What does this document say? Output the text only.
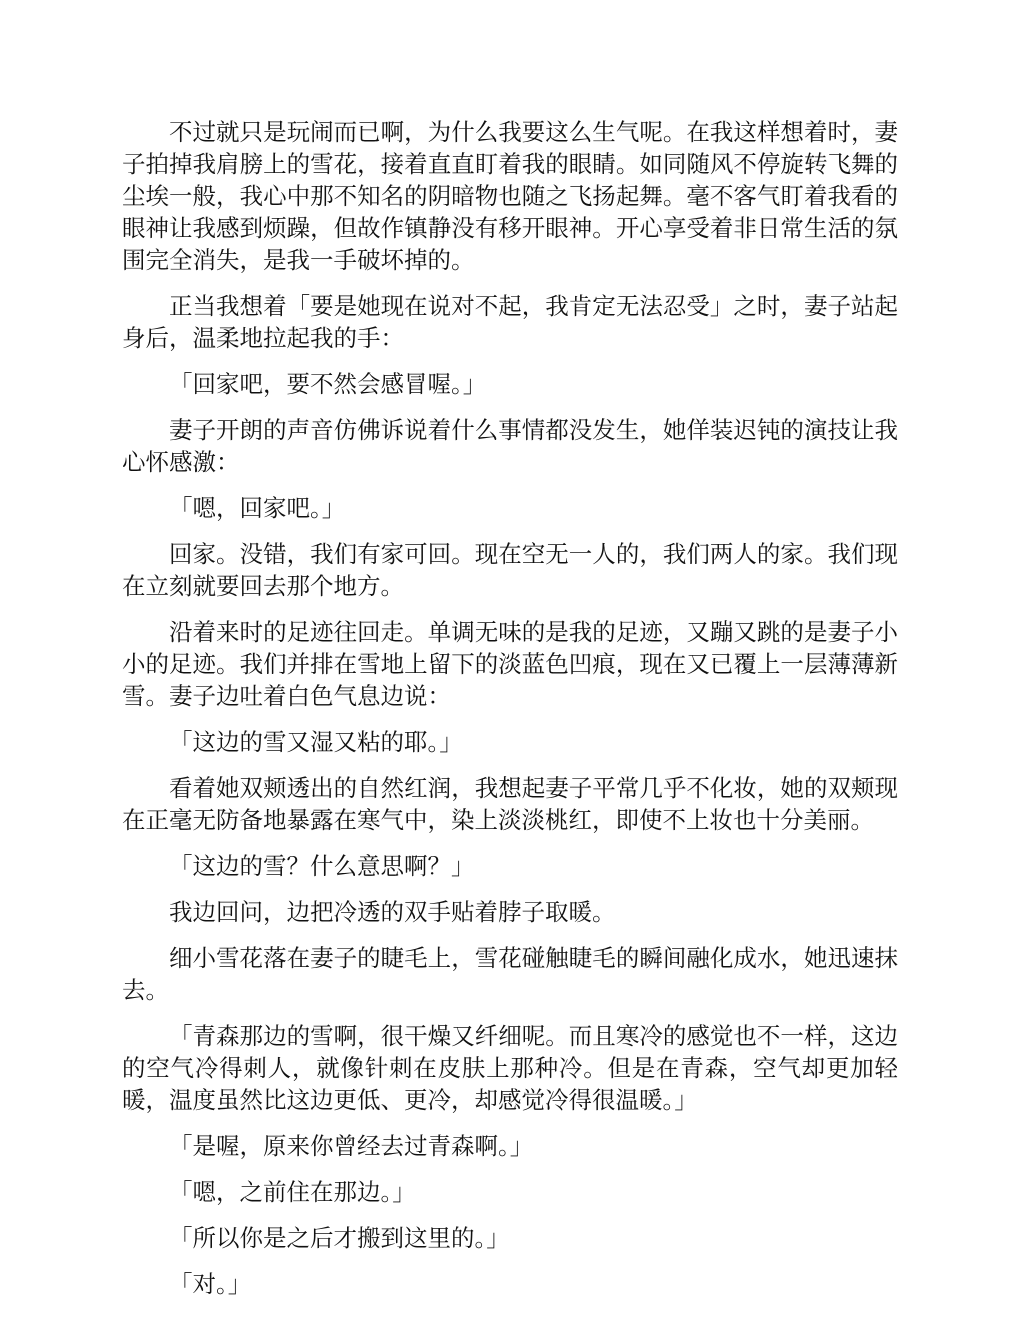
不过就只是玩闹而已啊，为什么我要这么生气呢。在我这样想着时，妻子拍掉我肩膀上的雪花，接着直直盯着我的眼睛。如同随风不停旋转飞舞的尘埃一般，我心中那不知名的阴暗物也随之飞扬起舞。毫不客气盯着我看的眼神让我感到烦躁，但故作镇静没有移开眼神。开心享受着非日常生活的氛围完全消失，是我一手破坏掉的。

正当我想着「要是她现在说对不起，我肯定无法忍受」之时，妻子站起身后，温柔地拉起我的手：

「回家吧，要不然会感冒喔。」

妻子开朗的声音仿佛诉说着什么事情都没发生，她佯装迟钝的演技让我心怀感激：

「嗯，回家吧。」

回家。没错，我们有家可回。现在空无一人的，我们两人的家。我们现在立刻就要回去那个地方。

沿着来时的足迹往回走。单调无味的是我的足迹，又蹦又跳的是妻子小小的足迹。我们并排在雪地上留下的淡蓝色凹痕，现在又已覆上一层薄薄新雪。妻子边吐着白色气息边说：

「这边的雪又湿又粘的耶。」

看着她双颊透出的自然红润，我想起妻子平常几乎不化妆，她的双颊现在正毫无防备地暴露在寒气中，染上淡淡桃红，即使不上妆也十分美丽。

「这边的雪？什么意思啊？」

我边回问，边把冷透的双手贴着脖子取暖。

细小雪花落在妻子的睫毛上，雪花碰触睫毛的瞬间融化成水，她迅速抹去。

「青森那边的雪啊，很干燥又纤细呢。而且寒冷的感觉也不一样，这边的空气冷得刺人，就像针刺在皮肤上那种冷。但是在青森，空气却更加轻暖，温度虽然比这边更低、更冷，却感觉冷得很温暖。」

「是喔，原来你曾经去过青森啊。」

「嗯，之前住在那边。」

「所以你是之后才搬到这里的。」

「对。」
